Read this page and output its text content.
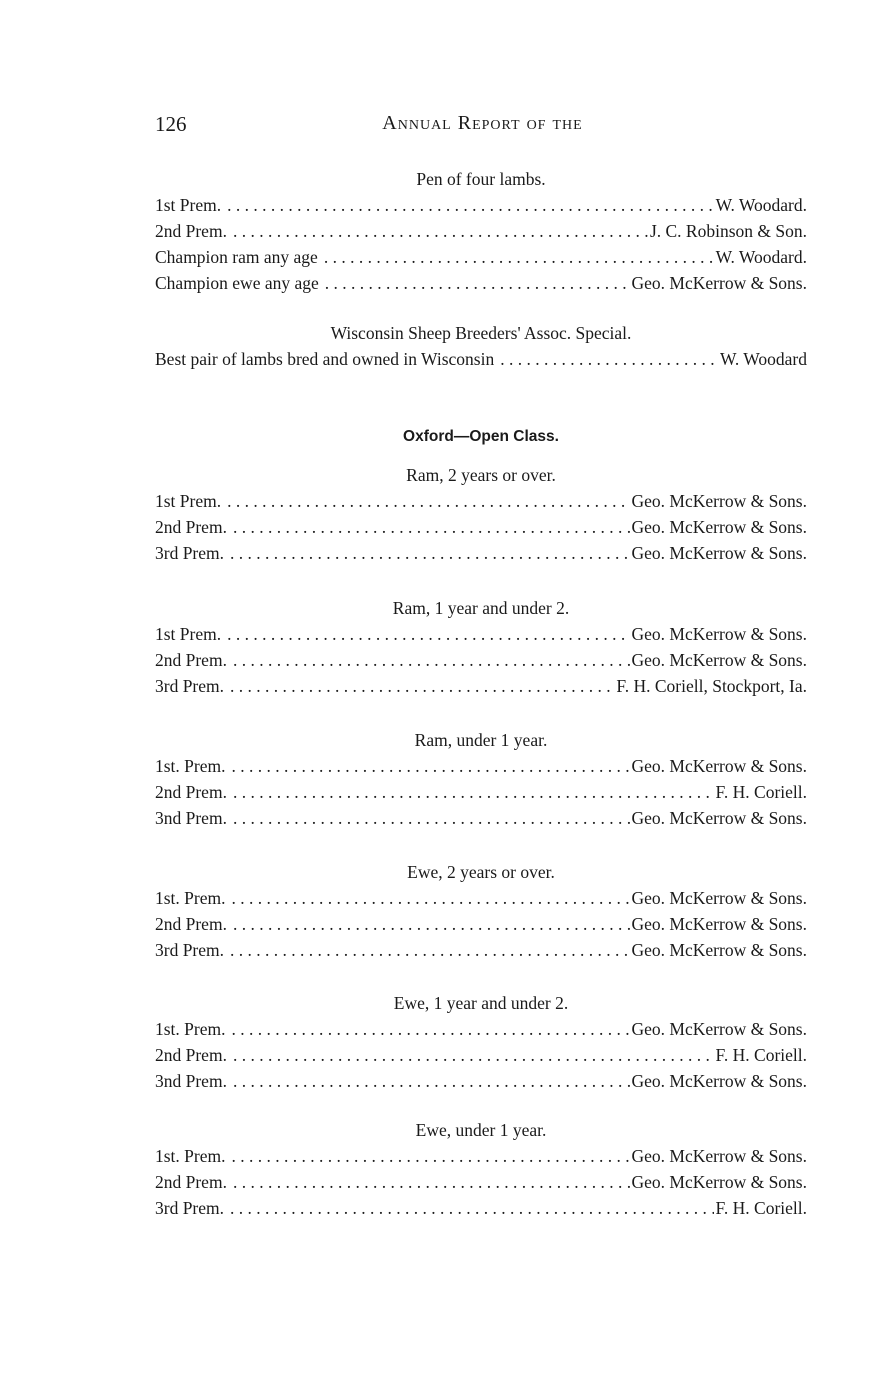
126	Annual Report of the
Pen of four lambs.
1st Prem. . . .	W. Woodard.
2nd Prem. . . .	J. C. Robinson & Son.
Champion ram any age . . .	W. Woodard.
Champion ewe any age . . .	Geo. McKerrow & Sons.
Wisconsin Sheep Breeders' Assoc. Special.
Best pair of lambs bred and owned in Wisconsin . . .	W. Woodard
Oxford—Open Class.
Ram, 2 years or over.
1st Prem. . . .	Geo. McKerrow & Sons.
2nd Prem. . . .	Geo. McKerrow & Sons.
3rd Prem. . . .	Geo. McKerrow & Sons.
Ram, 1 year and under 2.
1st Prem. . . .	Geo. McKerrow & Sons.
2nd Prem. . . .	Geo. McKerrow & Sons.
3rd Prem. . . .	F. H. Coriell, Stockport, Ia.
Ram, under 1 year.
1st. Prem. . . .	Geo. McKerrow & Sons.
2nd Prem. . . .	F. H. Coriell.
3nd Prem. . . .	Geo. McKerrow & Sons.
Ewe, 2 years or over.
1st. Prem. . . .	Geo. McKerrow & Sons.
2nd Prem. . . .	Geo. McKerrow & Sons.
3rd Prem. . . .	Geo. McKerrow & Sons.
Ewe, 1 year and under 2.
1st. Prem. . . .	Geo. McKerrow & Sons.
2nd Prem. . . .	F. H. Coriell.
3nd Prem. . . .	Geo. McKerrow & Sons.
Ewe, under 1 year.
1st. Prem. . . .	Geo. McKerrow & Sons.
2nd Prem. . . .	Geo. McKerrow & Sons.
3rd Prem. . . .	F. H. Coriell.
